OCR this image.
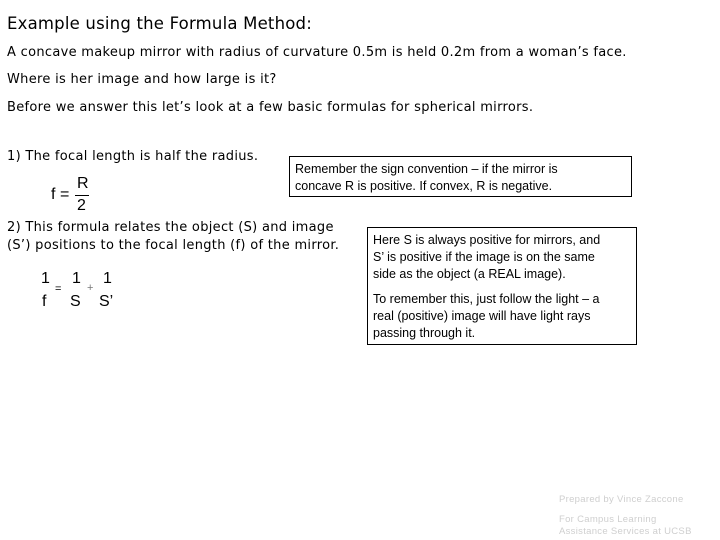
Example using the Formula Method:
A concave makeup mirror with radius of curvature 0.5m is held 0.2m from a woman’s face.
Where is her image and how large is it?
Before we answer this let’s look at a few basic formulas for spherical mirrors.
1) The focal length is half the radius.
f =
R
2
Remember the sign convention – if the mirror is
concave R is positive. If convex, R is negative.
2) This formula relates the object (S) and image
(S’) positions to the focal length (f) of the mirror.
1
f
=
1
S
+
1
S’
Here S is always positive for mirrors, and
S’ is positive if the image is on the same
side as the object (a REAL image).
To remember this, just follow the light – a
real (positive) image will have light rays
passing through it.
Prepared by Vince Zaccone
For Campus Learning
Assistance Services at UCSB
